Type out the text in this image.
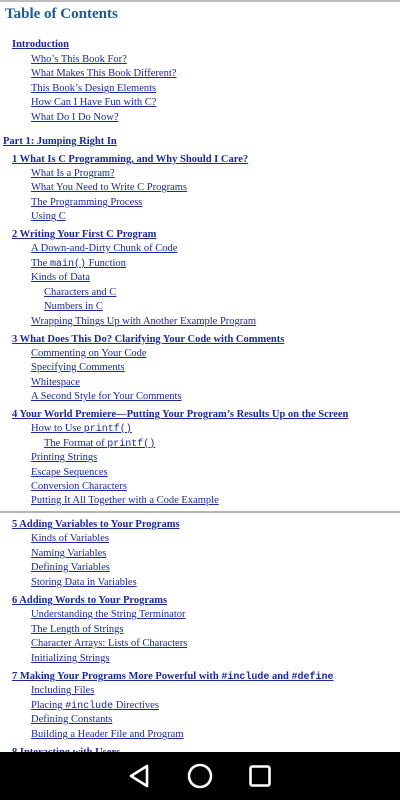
Table of Contents
Introduction
Who’s This Book For?
What Makes This Book Different?
This Book’s Design Elements
How Can I Have Fun with C?
What Do I Do Now?
Part 1: Jumping Right In
1 What Is C Programming, and Why Should I Care?
What Is a Program?
What You Need to Write C Programs
The Programming Process
Using C
2 Writing Your First C Program
A Down-and-Dirty Chunk of Code
The main() Function
Kinds of Data
Characters and C
Numbers in C
Wrapping Things Up with Another Example Program
3 What Does This Do? Clarifying Your Code with Comments
Commenting on Your Code
Specifying Comments
Whitespace
A Second Style for Your Comments
4 Your World Premiere—Putting Your Program’s Results Up on the Screen
How to Use printf()
The Format of printf()
Printing Strings
Escape Sequences
Conversion Characters
Putting It All Together with a Code Example
5 Adding Variables to Your Programs
Kinds of Variables
Naming Variables
Defining Variables
Storing Data in Variables
6 Adding Words to Your Programs
Understanding the String Terminator
The Length of Strings
Character Arrays: Lists of Characters
Initializing Strings
7 Making Your Programs More Powerful with #include and #define
Including Files
Placing #include Directives
Defining Constants
Building a Header File and Program
